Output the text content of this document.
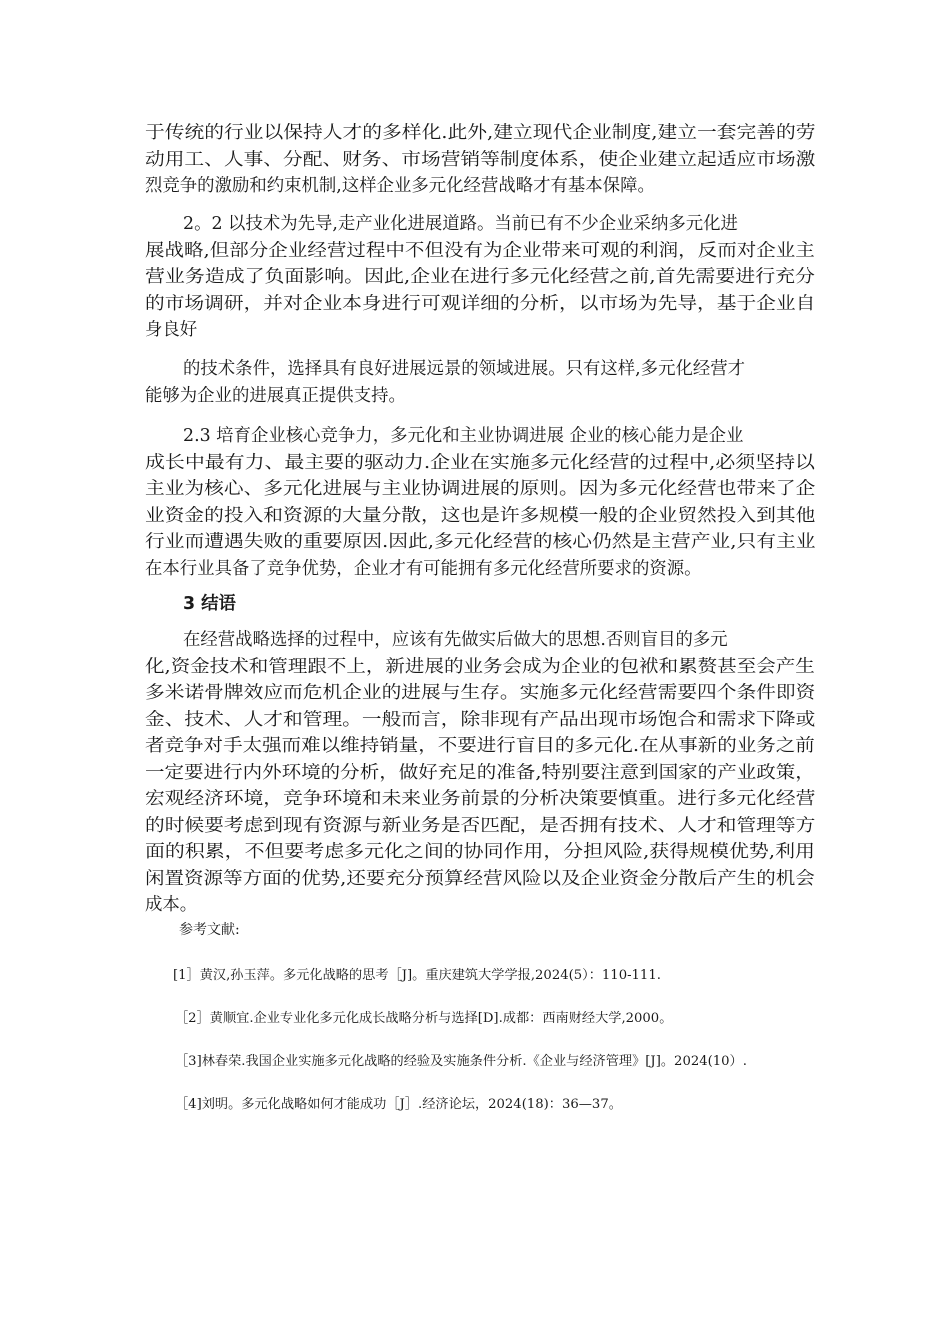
于传统的行业以保持人才的多样化.此外,建立现代企业制度,建立一套完善的劳

动用工、人事、分配、财务、市场营销等制度体系，使企业建立起适应市场激

烈竞争的激励和约束机制,这样企业多元化经营战略才有基本保障。

2。2 以技术为先导,走产业化进展道路。当前已有不少企业采纳多元化进

展战略,但部分企业经营过程中不但没有为企业带来可观的利润，反而对企业主

营业务造成了负面影响。因此,企业在进行多元化经营之前,首先需要进行充分

的市场调研，并对企业本身进行可观详细的分析，以市场为先导，基于企业自

身良好

的技术条件，选择具有良好进展远景的领域进展。只有这样,多元化经营才

能够为企业的进展真正提供支持。

2.3 培育企业核心竞争力，多元化和主业协调进展 企业的核心能力是企业

成长中最有力、最主要的驱动力.企业在实施多元化经营的过程中,必须坚持以

主业为核心、多元化进展与主业协调进展的原则。因为多元化经营也带来了企

业资金的投入和资源的大量分散，这也是许多规模一般的企业贸然投入到其他

行业而遭遇失败的重要原因.因此,多元化经营的核心仍然是主营产业,只有主业

在本行业具备了竞争优势，企业才有可能拥有多元化经营所要求的资源。

3 结语

在经营战略选择的过程中，应该有先做实后做大的思想.否则盲目的多元

化,资金技术和管理跟不上，新进展的业务会成为企业的包袱和累赘甚至会产生

多米诺骨牌效应而危机企业的进展与生存。实施多元化经营需要四个条件即资

金、技术、人才和管理。一般而言，除非现有产品出现市场饱合和需求下降或

者竞争对手太强而难以维持销量，不要进行盲目的多元化.在从事新的业务之前

一定要进行内外环境的分析，做好充足的准备,特别要注意到国家的产业政策，

宏观经济环境，竞争环境和未来业务前景的分析决策要慎重。进行多元化经营

的时候要考虑到现有资源与新业务是否匹配，是否拥有技术、人才和管理等方

面的积累，不但要考虑多元化之间的协同作用，分担风险,获得规模优势,利用

闲置资源等方面的优势,还要充分预算经营风险以及企业资金分散后产生的机会

成本。

参考文献:

[1］黄汉,孙玉萍。多元化战略的思考［J]。重庆建筑大学学报,2024(5）：110-111.

［2］黄顺宜.企业专业化多元化成长战略分析与选择[D].成都：西南财经大学,2000。

［3]林春荣.我国企业实施多元化战略的经验及实施条件分析.《企业与经济管理》[J]。2024(10）.

［4]刘明。多元化战略如何才能成功［J］.经济论坛，2024(18)：36—37。
